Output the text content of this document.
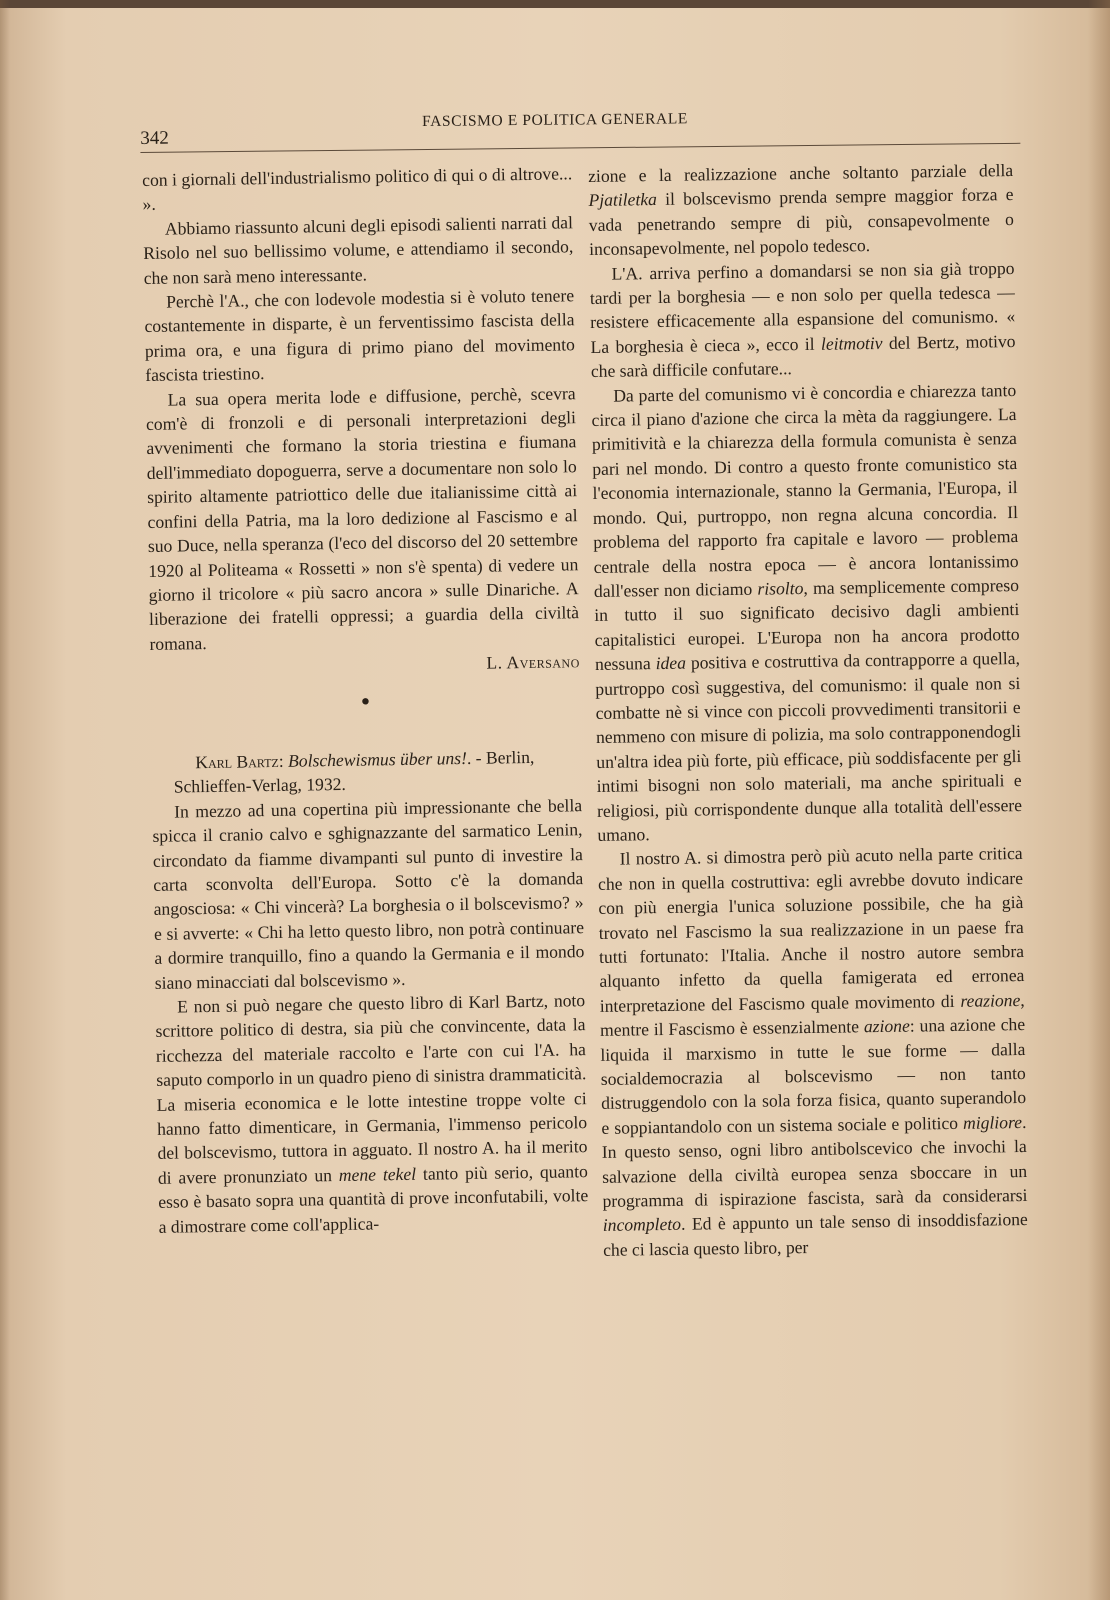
342
FASCISMO E POLITICA GENERALE

con i giornali dell'industrialismo politico di qui o di altrove... ».

Abbiamo riassunto alcuni degli episodi salienti narrati dal Risolo nel suo bellissimo volume, e attendiamo il secondo, che non sarà meno interessante.

Perchè l'A., che con lodevole modestia si è voluto tenere costantemente in disparte, è un ferventissimo fascista della prima ora, e una figura di primo piano del movimento fascista triestino.

La sua opera merita lode e diffusione, perchè, scevra com'è di fronzoli e di personali interpretazioni degli avvenimenti che formano la storia triestina e fiumana dell'immediato dopoguerra, serve a documentare non solo lo spirito altamente patriottico delle due italianissime città ai confini della Patria, ma la loro dedizione al Fascismo e al suo Duce, nella speranza (l'eco del discorso del 20 settembre 1920 al Politeama « Rossetti » non s'è spenta) di vedere un giorno il tricolore « più sacro ancora » sulle Dinariche. A liberazione dei fratelli oppressi; a guardia della civiltà romana.

L. Aversano

●

Karl Bartz: Bolschewismus über uns!. - Berlin, Schlieffen-Verlag, 1932.

In mezzo ad una copertina più impressionante che bella spicca il cranio calvo e sghignazzante del sarmatico Lenin, circondato da fiamme divampanti sul punto di investire la carta sconvolta dell'Europa. Sotto c'è la domanda angosciosa: « Chi vincerà? La borghesia o il bolscevismo? » e si avverte: « Chi ha letto questo libro, non potrà continuare a dormire tranquillo, fino a quando la Germania e il mondo siano minacciati dal bolscevismo ».

E non si può negare che questo libro di Karl Bartz, noto scrittore politico di destra, sia più che convincente, data la ricchezza del materiale raccolto e l'arte con cui l'A. ha saputo comporlo in un quadro pieno di sinistra drammaticità. La miseria economica e le lotte intestine troppe volte ci hanno fatto dimenticare, in Germania, l'immenso pericolo del bolscevismo, tuttora in agguato. Il nostro A. ha il merito di avere pronunziato un mene tekel tanto più serio, quanto esso è basato sopra una quantità di prove inconfutabili, volte a dimostrare come coll'applica-

zione e la realizzazione anche soltanto parziale della Pjatiletka il bolscevismo prenda sempre maggior forza e vada penetrando sempre di più, consapevolmente o inconsapevolmente, nel popolo tedesco.

L'A. arriva perfino a domandarsi se non sia già troppo tardi per la borghesia — e non solo per quella tedesca — resistere efficacemente alla espansione del comunismo. « La borghesia è cieca », ecco il leitmotiv del Bertz, motivo che sarà difficile confutare...

Da parte del comunismo vi è concordia e chiarezza tanto circa il piano d'azione che circa la mèta da raggiungere. La primitività e la chiarezza della formula comunista è senza pari nel mondo. Di contro a questo fronte comunistico sta l'economia internazionale, stanno la Germania, l'Europa, il mondo. Qui, purtroppo, non regna alcuna concordia. Il problema del rapporto fra capitale e lavoro — problema centrale della nostra epoca — è ancora lontanissimo dall'esser non diciamo risolto, ma semplicemente compreso in tutto il suo significato decisivo dagli ambienti capitalistici europei. L'Europa non ha ancora prodotto nessuna idea positiva e costruttiva da contrapporre a quella, purtroppo così suggestiva, del comunismo: il quale non si combatte nè si vince con piccoli provvedimenti transitorii e nemmeno con misure di polizia, ma solo contrapponendogli un'altra idea più forte, più efficace, più soddisfacente per gli intimi bisogni non solo materiali, ma anche spirituali e religiosi, più corrispondente dunque alla totalità dell'essere umano.

Il nostro A. si dimostra però più acuto nella parte critica che non in quella costruttiva: egli avrebbe dovuto indicare con più energia l'unica soluzione possibile, che ha già trovato nel Fascismo la sua realizzazione in un paese fra tutti fortunato: l'Italia. Anche il nostro autore sembra alquanto infetto da quella famigerata ed erronea interpretazione del Fascismo quale movimento di reazione, mentre il Fascismo è essenzialmente azione: una azione che liquida il marxismo in tutte le sue forme — dalla socialdemocrazia al bolscevismo — non tanto distruggendolo con la sola forza fisica, quanto superandolo e soppiantandolo con un sistema sociale e politico migliore. In questo senso, ogni libro antibolscevico che invochi la salvazione della civiltà europea senza sboccare in un programma di ispirazione fascista, sarà da considerarsi incompleto. Ed è appunto un tale senso di insoddisfazione che ci lascia questo libro, per
